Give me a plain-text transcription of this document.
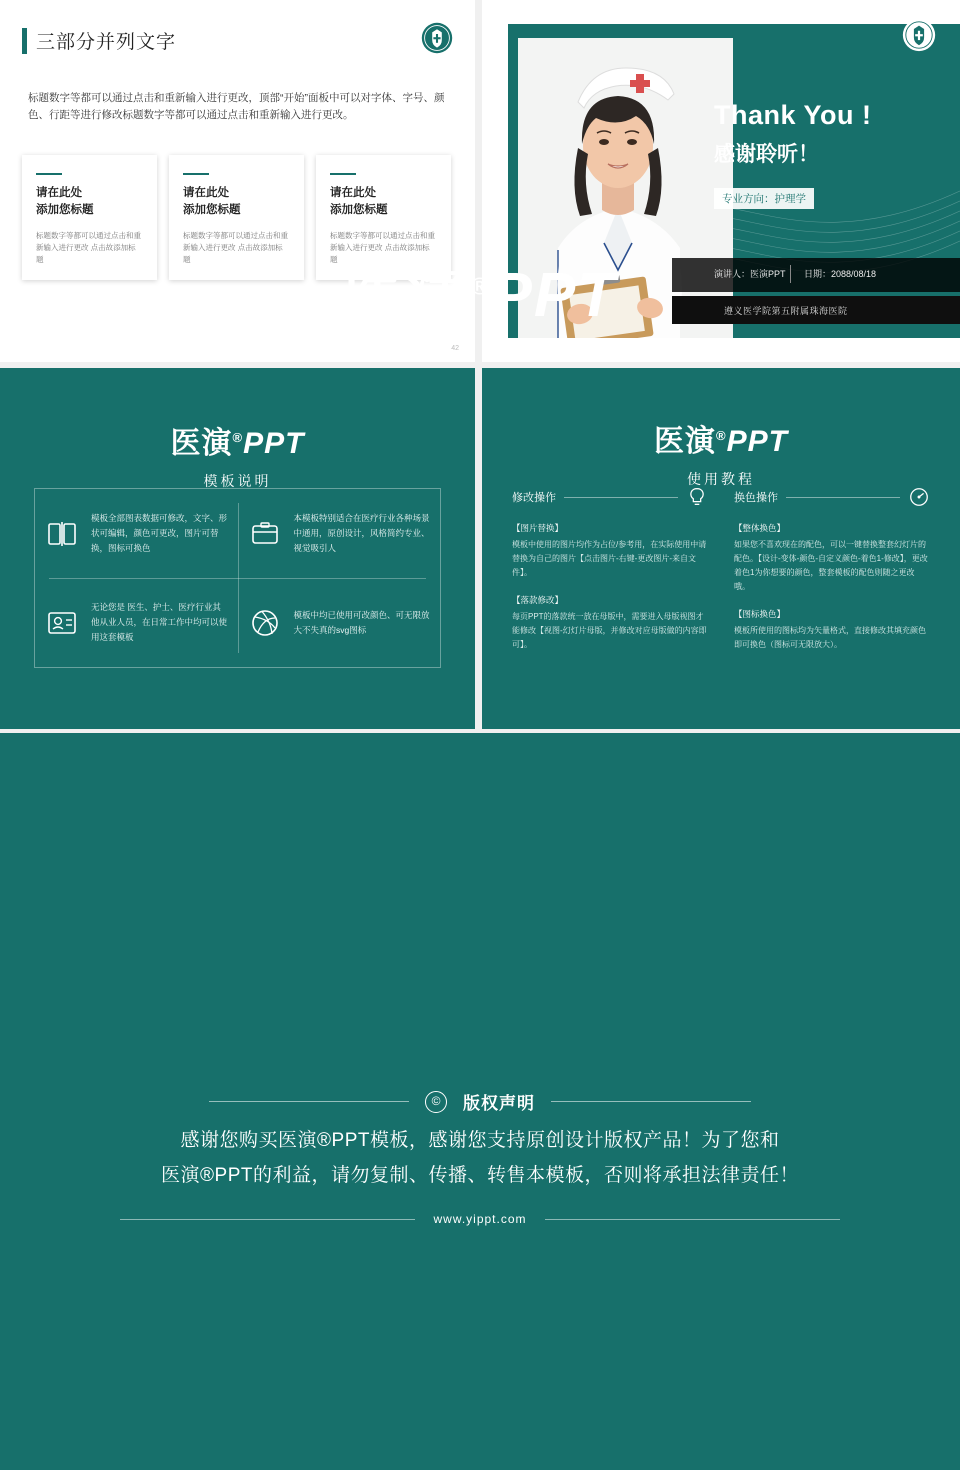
三部分并列文字
标题数字等都可以通过点击和重新输入进行更改，顶部“开始”面板中可以对字体、字号、颜色、行距等进行修改标题数字等都可以通过点击和重新输入进行更改。
请在此处
添加您标题
标题数字等都可以通过点击和重新输入进行更改 点击故添加标题
请在此处
添加您标题
标题数字等都可以通过点击和重新输入进行更改 点击故添加标题
请在此处
添加您标题
标题数字等都可以通过点击和重新输入进行更改 点击故添加标题
42
Thank You !
感谢聆听！
专业方向：护理学
演讲人：医演PPT 日期：2088/08/18
遵义医学院第五附属珠海医院
医演®PPT
模板说明
模板全部图表数据可修改，文字、形状可编辑，颜色可更改，图片可替换，图标可换色
本模板特别适合在医疗行业各种场景中通用，原创设计，风格简约专业、视觉吸引人
无论您是 医生、护士、医疗行业其他从业人员，在日常工作中均可以使用这套模板
模板中均已使用可改颜色、可无限放大不失真的svg图标
医演®PPT
使用教程
修改操作
【图片替换】
模板中使用的图片均作为占位/参考用，在实际使用中请替换为自己的图片【点击图片-右键-更改图片-来自文件】。
【落款修改】
每页PPT的落款统一放在母版中，需要进入母版视图才能修改【视图-幻灯片母版，并修改对应母版做的内容即可】。
换色操作
【整体换色】
如果您不喜欢现在的配色，可以一键替换整套幻灯片的配色。【设计-变体-颜色-自定义颜色-着色1-修改】，更改着色1为你想要的颜色，整套模板的配色则随之更改哦。
【图标换色】
模板所使用的图标均为矢量格式，直接修改其填充颜色即可换色（图标可无限放大）。
医演®PPT
©	版权声明
感谢您购买医演®PPT模板，感谢您支持原创设计版权产品！为了您和
医演®PPT的利益，请勿复制、传播、转售本模板，否则将承担法律责任！
www.yippt.com
